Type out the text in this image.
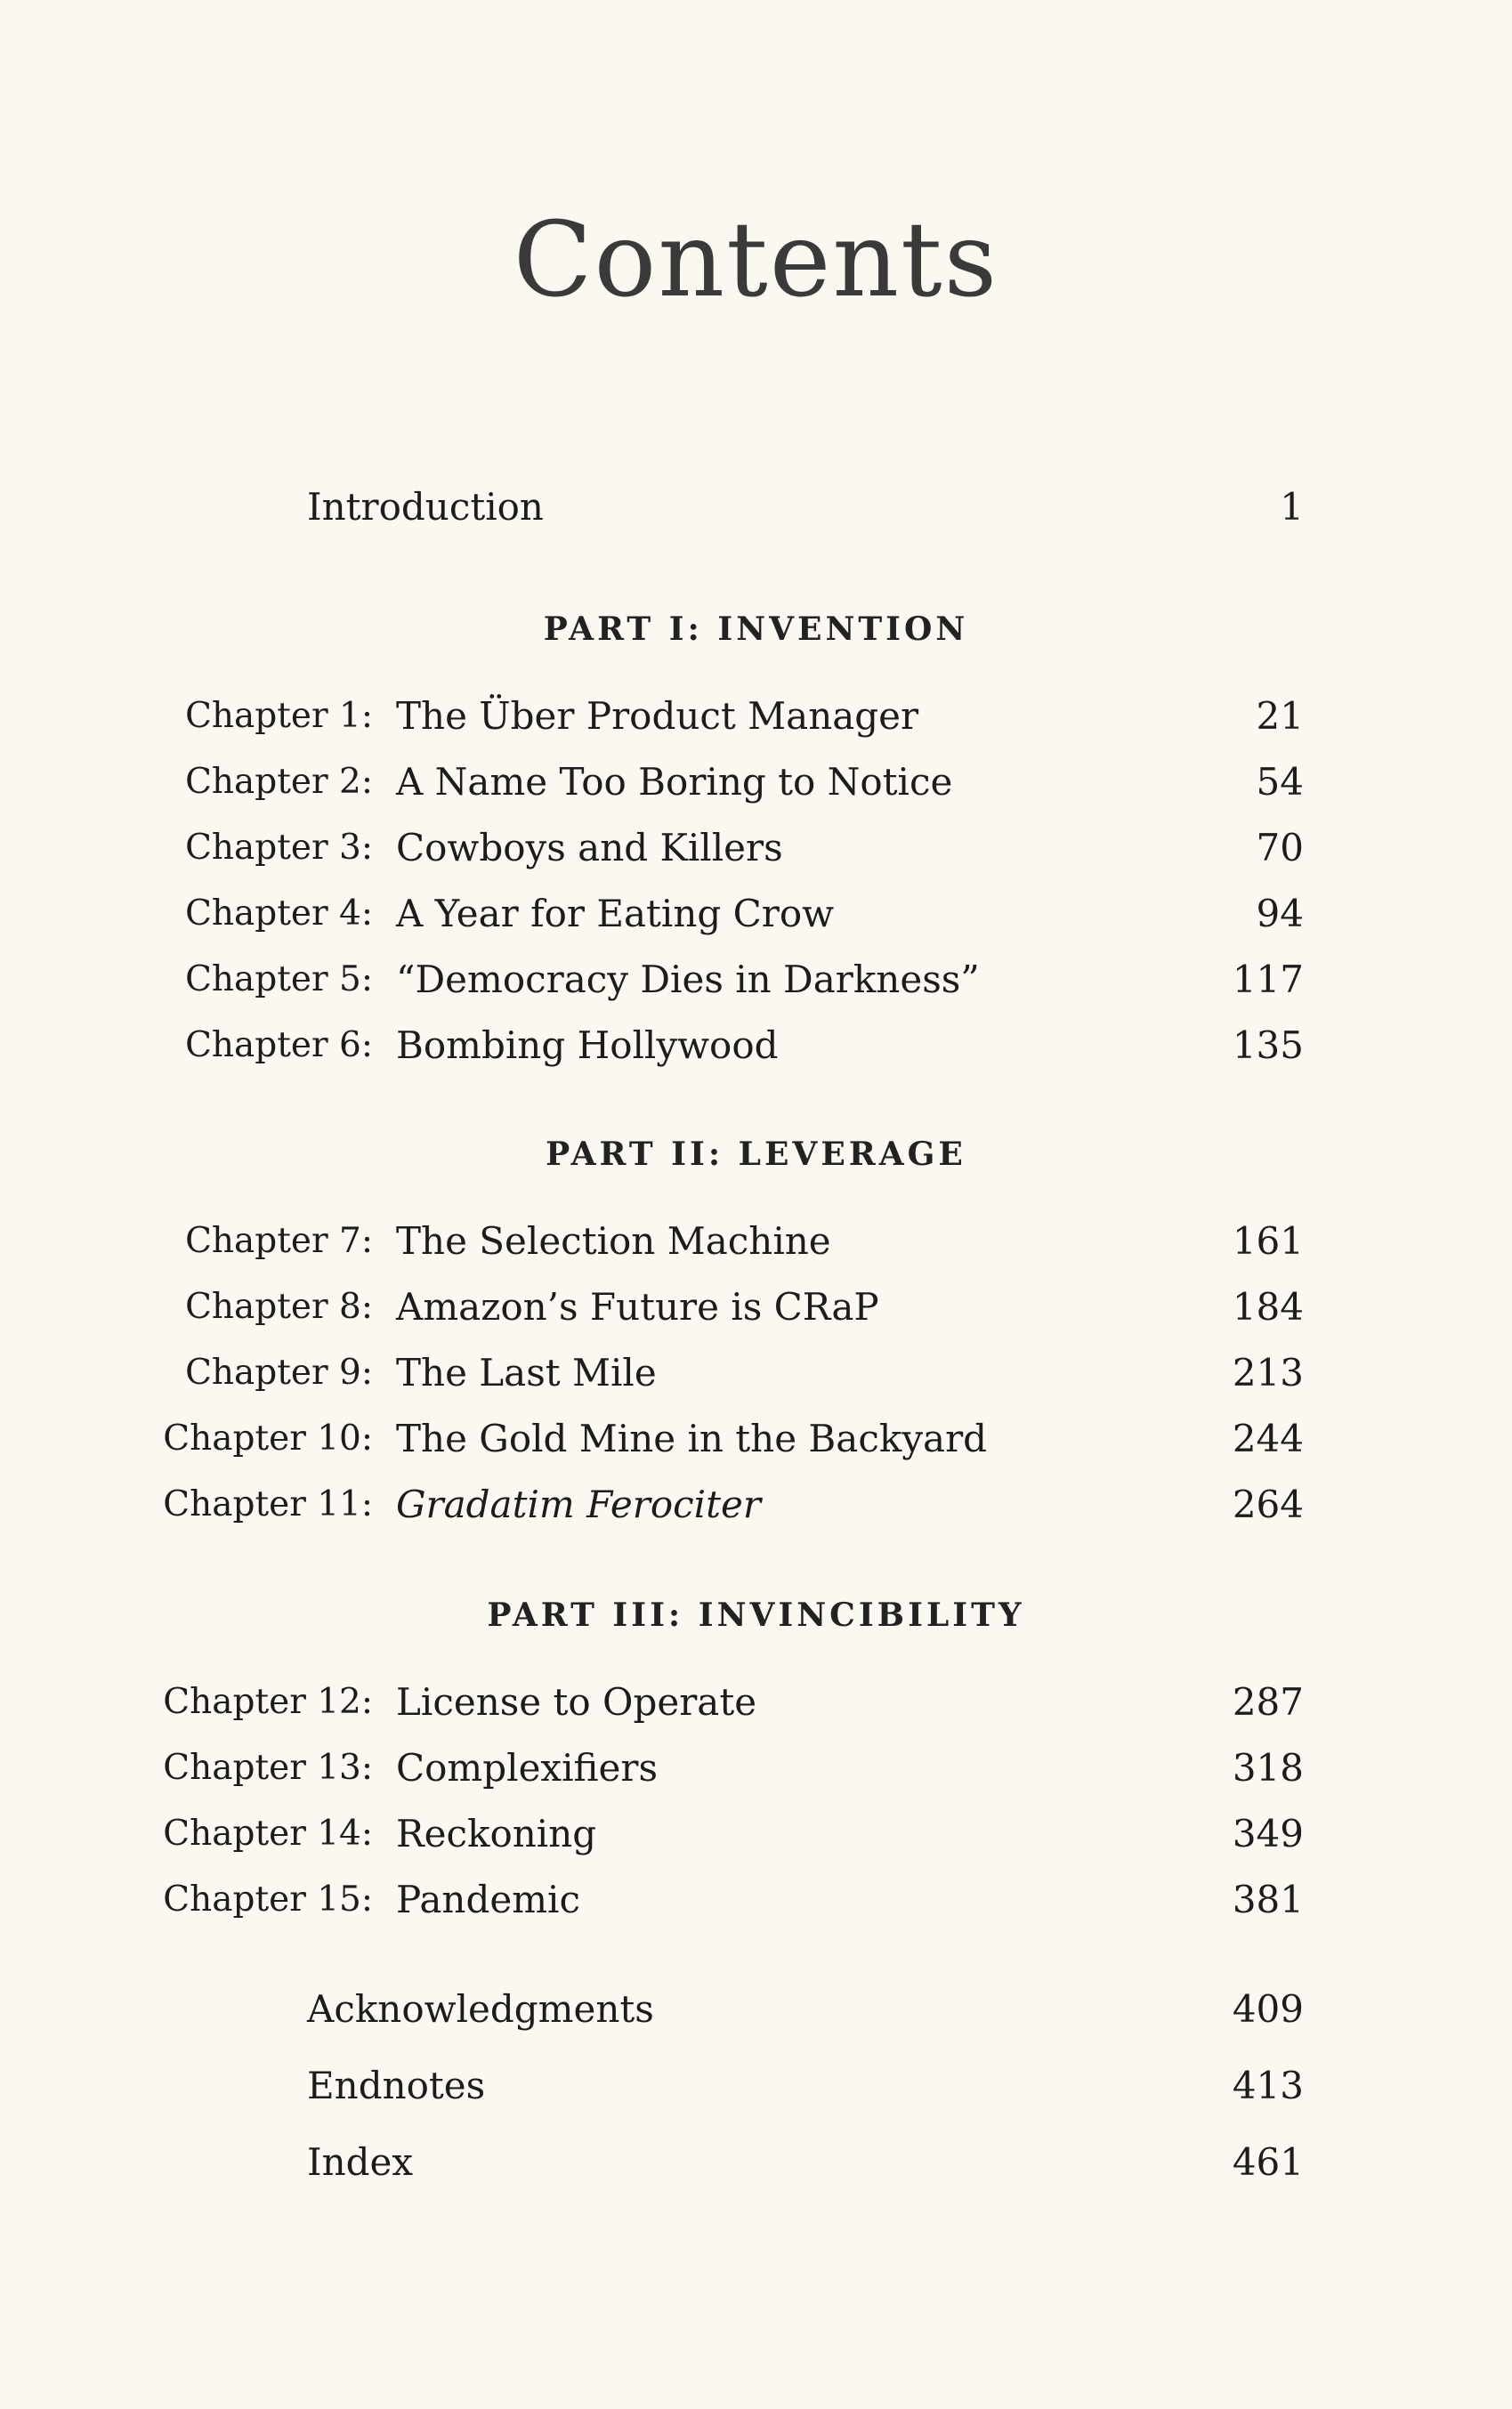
Contents
Introduction	1
PART I: INVENTION
Chapter 1: The Über Product Manager	21
Chapter 2: A Name Too Boring to Notice	54
Chapter 3: Cowboys and Killers	70
Chapter 4: A Year for Eating Crow	94
Chapter 5: “Democracy Dies in Darkness”	117
Chapter 6: Bombing Hollywood	135
PART II: LEVERAGE
Chapter 7: The Selection Machine	161
Chapter 8: Amazon’s Future is CRaP	184
Chapter 9: The Last Mile	213
Chapter 10: The Gold Mine in the Backyard	244
Chapter 11: Gradatim Ferociter	264
PART III: INVINCIBILITY
Chapter 12: License to Operate	287
Chapter 13: Complexifiers	318
Chapter 14: Reckoning	349
Chapter 15: Pandemic	381
Acknowledgments	409
Endnotes	413
Index	461
